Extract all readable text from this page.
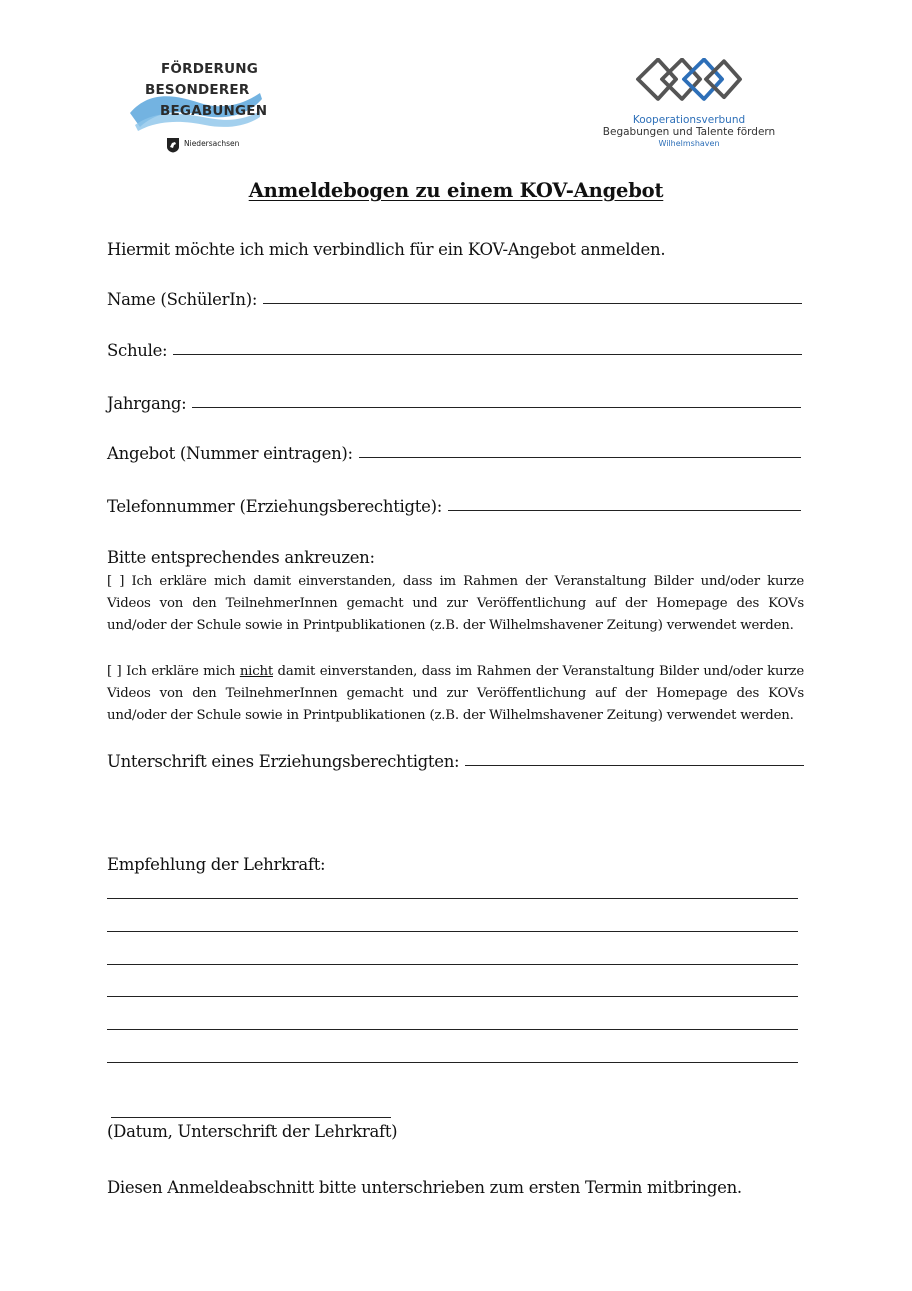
FÖRDERUNG
BESONDERER
BEGABUNGEN
Niedersachsen
Kooperationsverbund
Begabungen und Talente fördern
Wilhelmshaven
Anmeldebogen zu einem KOV-Angebot
Hiermit möchte ich mich verbindlich für ein KOV-Angebot anmelden.
Name (SchülerIn):
Schule:
Jahrgang:
Angebot (Nummer eintragen):
Telefonnummer (Erziehungsberechtigte):
Bitte entsprechendes ankreuzen:
[ ] Ich erkläre mich damit einverstanden, dass im Rahmen der Veranstaltung Bilder und/oder kurze Videos von den TeilnehmerInnen gemacht und zur Veröffentlichung auf der Homepage des KOVs und/oder der Schule sowie in Printpublikationen (z.B. der Wilhelmshavener Zeitung) verwendet werden.
[ ] Ich erkläre mich nicht damit einverstanden, dass im Rahmen der Veranstaltung Bilder und/oder kurze Videos von den TeilnehmerInnen gemacht und zur Veröffentlichung auf der Homepage des KOVs und/oder der Schule sowie in Printpublikationen (z.B. der Wilhelmshavener Zeitung) verwendet werden.
Unterschrift eines Erziehungsberechtigten:
Empfehlung der Lehrkraft:
(Datum, Unterschrift der Lehrkraft)
Diesen Anmeldeabschnitt bitte unterschrieben zum ersten Termin mitbringen.
